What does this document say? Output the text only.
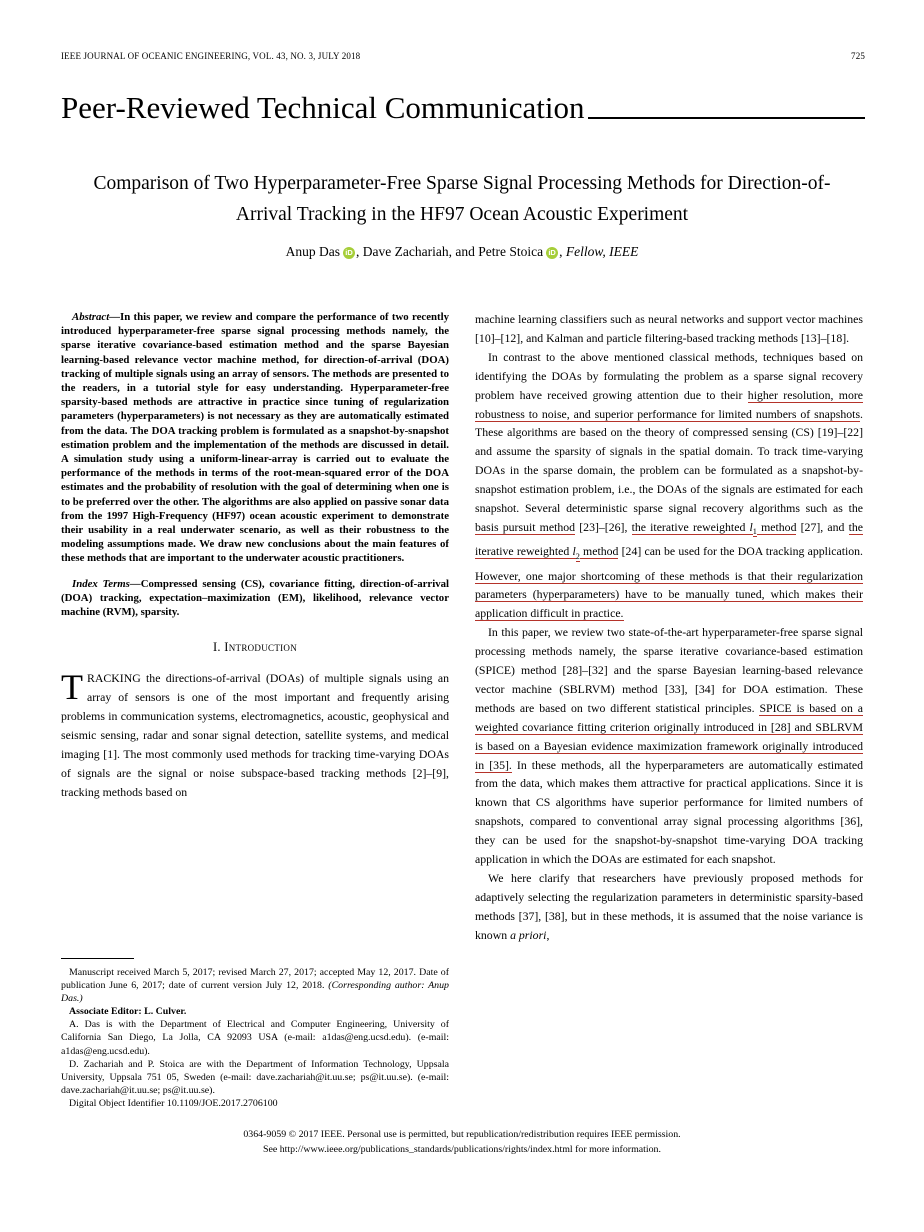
IEEE JOURNAL OF OCEANIC ENGINEERING, VOL. 43, NO. 3, JULY 2018	725
Peer-Reviewed Technical Communication
Comparison of Two Hyperparameter-Free Sparse Signal Processing Methods for Direction-of-Arrival Tracking in the HF97 Ocean Acoustic Experiment
Anup Das iD , Dave Zachariah, and Petre Stoica iD , Fellow, IEEE

Abstract—In this paper, we review and compare the performance of two recently introduced hyperparameter-free sparse signal processing methods namely, the sparse iterative covariance-based estimation method and the sparse Bayesian learning-based relevance vector machine method, for direction-of-arrival (DOA) tracking of multiple signals using an array of sensors. The methods are presented to the readers, in a tutorial style for easy understanding. Hyperparameter-free sparsity-based methods are attractive in practice since tuning of regularization parameters (hyperparameters) is not necessary as they are automatically estimated from the data. The DOA tracking problem is formulated as a snapshot-by-snapshot estimation problem and the implementation of the methods are discussed in detail. A simulation study using a uniform-linear-array is carried out to evaluate the performance of the methods in terms of the root-mean-squared error of the DOA estimates and the probability of resolution with the goal of determining when one is to be preferred over the other. The algorithms are also applied on passive sonar data from the 1997 High-Frequency (HF97) ocean acoustic experiment to demonstrate their usability in a real underwater scenario, as well as their robustness to the modeling assumptions made. We draw new conclusions about the main features of these methods that are important to the underwater acoustic practitioners.

Index Terms—Compressed sensing (CS), covariance fitting, direction-of-arrival (DOA) tracking, expectation–maximization (EM), likelihood, relevance vector machine (RVM), sparsity.

I. Introduction

TRACKING the directions-of-arrival (DOAs) of multiple signals using an array of sensors is one of the most important and frequently arising problems in communication systems, electromagnetics, acoustic, geophysical and seismic sensing, radar and sonar signal detection, satellite systems, and medical imaging [1]. The most commonly used methods for tracking time-varying DOAs of signals are the signal or noise subspace-based tracking methods [2]–[9], tracking methods based on

Manuscript received March 5, 2017; revised March 27, 2017; accepted May 12, 2017. Date of publication June 6, 2017; date of current version July 12, 2018. (Corresponding author: Anup Das.)

Associate Editor: L. Culver.

A. Das is with the Department of Electrical and Computer Engineering, University of California San Diego, La Jolla, CA 92093 USA (e-mail: a1das@eng.ucsd.edu). (e-mail: a1das@eng.ucsd.edu).

D. Zachariah and P. Stoica are with the Department of Information Technology, Uppsala University, Uppsala 751 05, Sweden (e-mail: dave.zachariah@it.uu.se; ps@it.uu.se). (e-mail: dave.zachariah@it.uu.se; ps@it.uu.se).

Digital Object Identifier 10.1109/JOE.2017.2706100

machine learning classifiers such as neural networks and support vector machines [10]–[12], and Kalman and particle filtering-based tracking methods [13]–[18].

In contrast to the above mentioned classical methods, techniques based on identifying the DOAs by formulating the problem as a sparse signal recovery problem have received growing attention due to their higher resolution, more robustness to noise, and superior performance for limited numbers of snapshots. These algorithms are based on the theory of compressed sensing (CS) [19]–[22] and assume the sparsity of signals in the spatial domain. To track time-varying DOAs in the sparse domain, the problem can be formulated as a snapshot-by-snapshot estimation problem, i.e., the DOAs of the signals are estimated for each snapshot. Several deterministic sparse signal recovery algorithms such as the basis pursuit method [23]–[26], the iterative reweighted $l_1$ method [27], and the iterative reweighted $l_2$ method [24] can be used for the DOA tracking application. However, one major shortcoming of these methods is that their regularization parameters (hyperparameters) have to be manually tuned, which makes their application difficult in practice.

In this paper, we review two state-of-the-art hyperparameter-free sparse signal processing methods namely, the sparse iterative covariance-based estimation (SPICE) method [28]–[32] and the sparse Bayesian learning-based relevance vector machine (SBLRVM) method [33], [34] for DOA estimation. These methods are based on two different statistical principles. SPICE is based on a weighted covariance fitting criterion originally introduced in [28] and SBLRVM is based on a Bayesian evidence maximization framework originally introduced in [35]. In these methods, all the hyperparameters are automatically estimated from the data, which makes them attractive for practical applications. Since it is known that CS algorithms have superior performance for limited numbers of snapshots, compared to conventional array signal processing algorithms [36], they can be used for the snapshot-by-snapshot time-varying DOA tracking application in which the DOAs are estimated for each snapshot.

We here clarify that researchers have previously proposed methods for adaptively selecting the regularization parameters in deterministic sparsity-based methods [37], [38], but in these methods, it is assumed that the noise variance is known a priori,

0364-9059 © 2017 IEEE. Personal use is permitted, but republication/redistribution requires IEEE permission.
See http://www.ieee.org/publications_standards/publications/rights/index.html for more information.
